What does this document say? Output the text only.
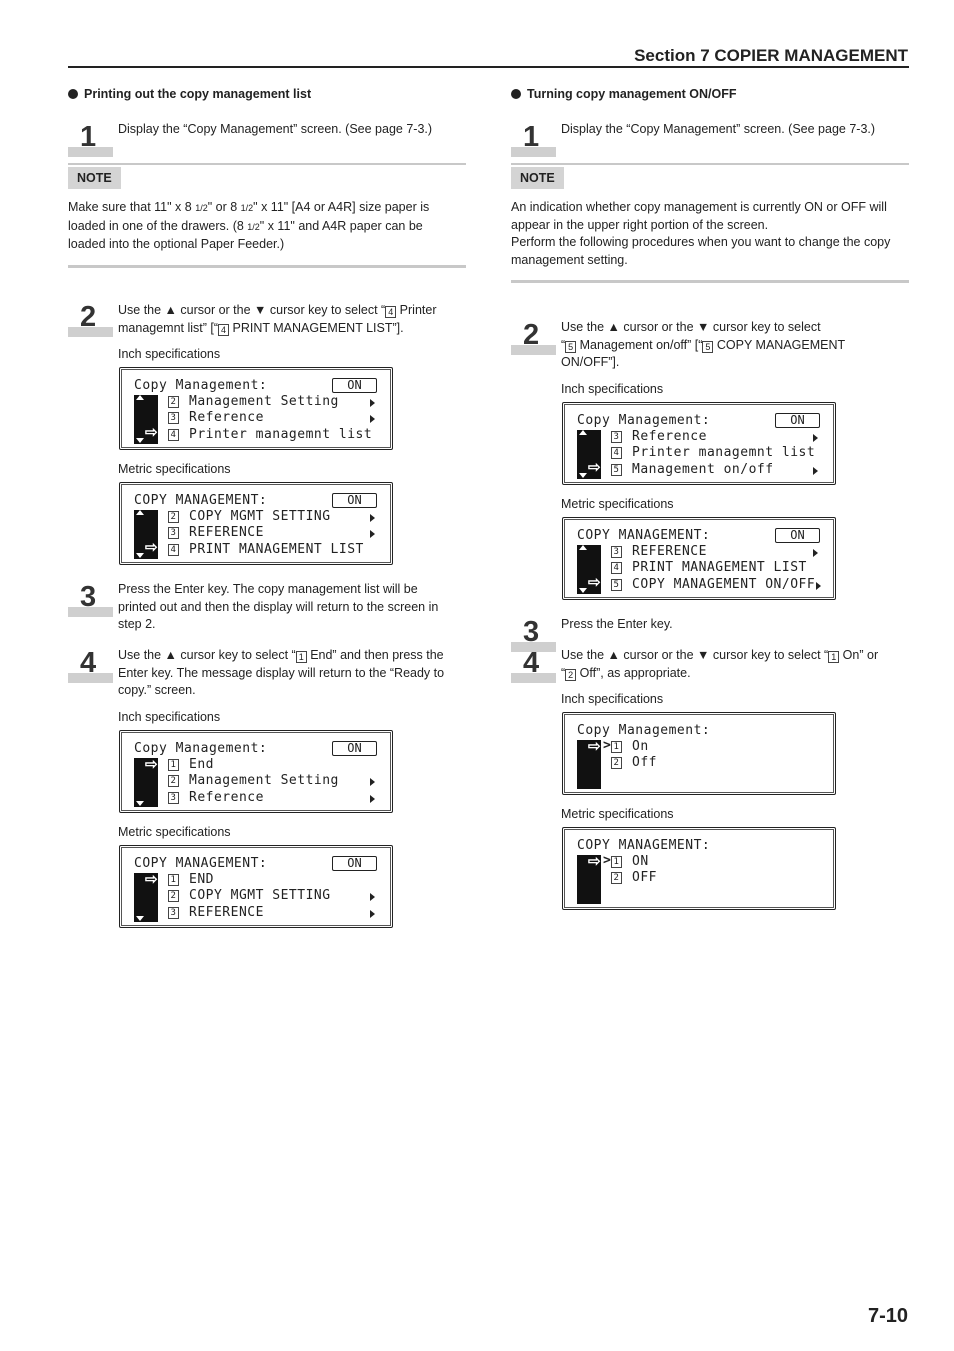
Section 7 COPIER MANAGEMENT
Printing out the copy management list
1 Display the “Copy Management” screen. (See page 7-3.)
NOTE
Make sure that 11" x 8 1/2" or 8 1/2" x 11" [A4 or A4R] size paper is
loaded in one of the drawers. (8 1/2" x 11" and A4R paper can be
loaded into the optional Paper Feeder.)
2 Use the ▲ cursor or the ▼ cursor key to select “ 4 Printer
managemnt list” [“ 4 PRINT MANAGEMENT LIST”].
Inch specifications
Copy Management:	ON
⇨
2 Management Setting
3 Reference
4 Printer managemnt list
Metric specifications
COPY MANAGEMENT:	ON
⇨
2 COPY MGMT SETTING
3 REFERENCE
4 PRINT MANAGEMENT LIST
3 Press the Enter key. The copy management list will be
printed out and then the display will return to the screen in
step 2.
4 Use the ▲ cursor key to select “ 1 End” and then press the
Enter key. The message display will return to the “Ready to
copy.” screen.
Inch specifications
Copy Management:	ON
⇨ 1 End
2 Management Setting
3 Reference
Metric specifications
COPY MANAGEMENT:	ON
⇨ 1 END
2 COPY MGMT SETTING
3 REFERENCE
Turning copy management ON/OFF
1 Display the “Copy Management” screen. (See page 7-3.)
NOTE
An indication whether copy management is currently ON or OFF will
appear in the upper right portion of the screen.
Perform the following procedures when you want to change the copy
management setting.
2 Use the ▲ cursor or the ▼ cursor key to select
“ 5 Management on/off” [“ 5 COPY MANAGEMENT
ON/OFF”].
Inch specifications
Copy Management:	ON
⇨
3 Reference
4 Printer managemnt list
5 Management on/off
Metric specifications
COPY MANAGEMENT:	ON
⇨
3 REFERENCE
4 PRINT MANAGEMENT LIST
5 COPY MANAGEMENT ON/OFF
3 Press the Enter key.
4 Use the ▲ cursor or the ▼ cursor key to select “ 1 On” or
“ 2 Off”, as appropriate.
Inch specifications
Copy Management:
⇨ > 1 On
2 Off
Metric specifications
COPY MANAGEMENT:
⇨ > 1 ON
2 OFF
7-10
